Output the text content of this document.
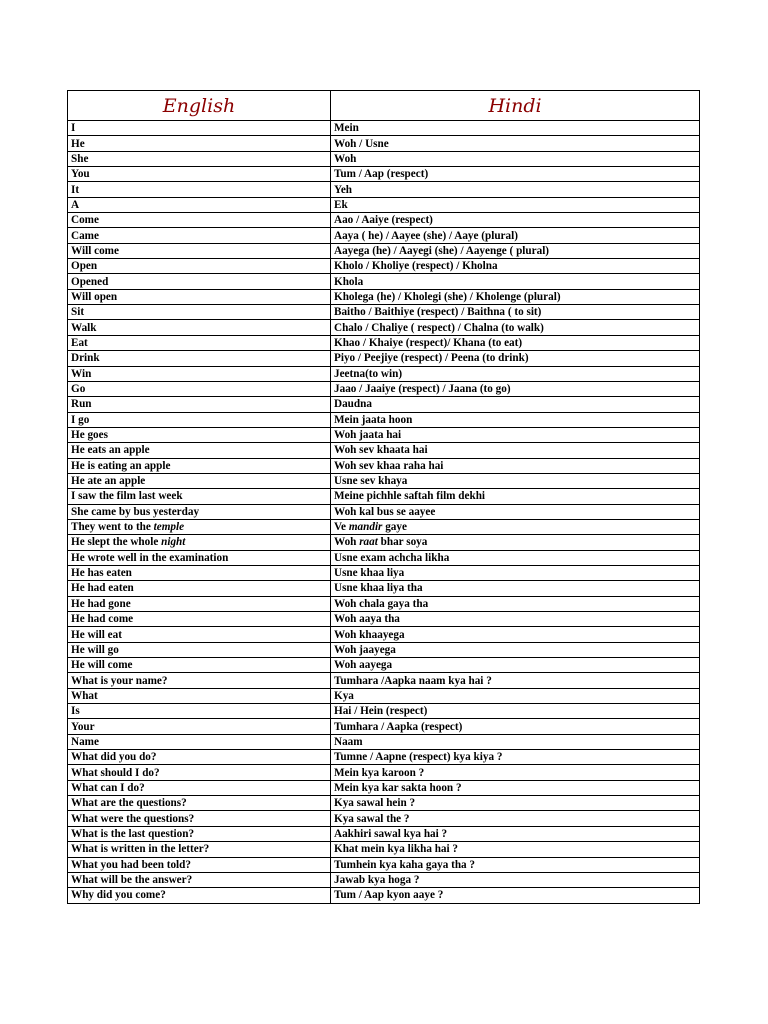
English	Hindi
I	Mein
He	Woh / Usne
She	Woh
You	Tum / Aap (respect)
It	Yeh
A	Ek
Come	Aao / Aaiye (respect)
Came	Aaya ( he) / Aayee (she) / Aaye (plural)
Will come	Aayega (he) / Aayegi (she) / Aayenge ( plural)
Open	Kholo / Kholiye (respect) / Kholna
Opened	Khola
Will open	Kholega (he) / Kholegi (she) / Kholenge (plural)
Sit	Baitho / Baithiye (respect) / Baithna ( to sit)
Walk	Chalo / Chaliye ( respect) / Chalna (to walk)
Eat	Khao / Khaiye (respect)/ Khana (to eat)
Drink	Piyo / Peejiye (respect) / Peena (to drink)
Win	Jeetna(to win)
Go	Jaao / Jaaiye (respect) / Jaana (to go)
Run	Daudna
I go	Mein jaata hoon
He goes	Woh jaata hai
He eats an apple	Woh sev khaata hai
He is eating an apple	Woh sev khaa raha hai
He ate an apple	Usne sev khaya
I saw the film last week	Meine pichhle saftah film dekhi
She came by bus yesterday	Woh kal bus se aayee
They went to the temple	Ve mandir gaye
He slept the whole night	Woh raat bhar soya
He wrote well in the examination	Usne exam achcha likha
He has eaten	Usne khaa liya
He had eaten	Usne khaa liya tha
He had gone	Woh chala gaya tha
He had come	Woh aaya tha
He will eat	Woh khaayega
He will go	Woh jaayega
He will come	Woh aayega
What is your name?	Tumhara /Aapka naam kya hai ?
What	Kya
Is	Hai / Hein (respect)
Your	Tumhara / Aapka (respect)
Name	Naam
What did you do?	Tumne / Aapne (respect) kya kiya ?
What should I do?	Mein kya karoon ?
What can I do?	Mein kya kar sakta hoon ?
What are the questions?	Kya sawal hein ?
What were the questions?	Kya sawal the ?
What is the last question?	Aakhiri sawal kya hai ?
What is written in the letter?	Khat mein kya likha hai ?
What you had been told?	Tumhein kya kaha gaya tha ?
What will be the answer?	Jawab kya hoga ?
Why did you come?	Tum / Aap kyon aaye ?
